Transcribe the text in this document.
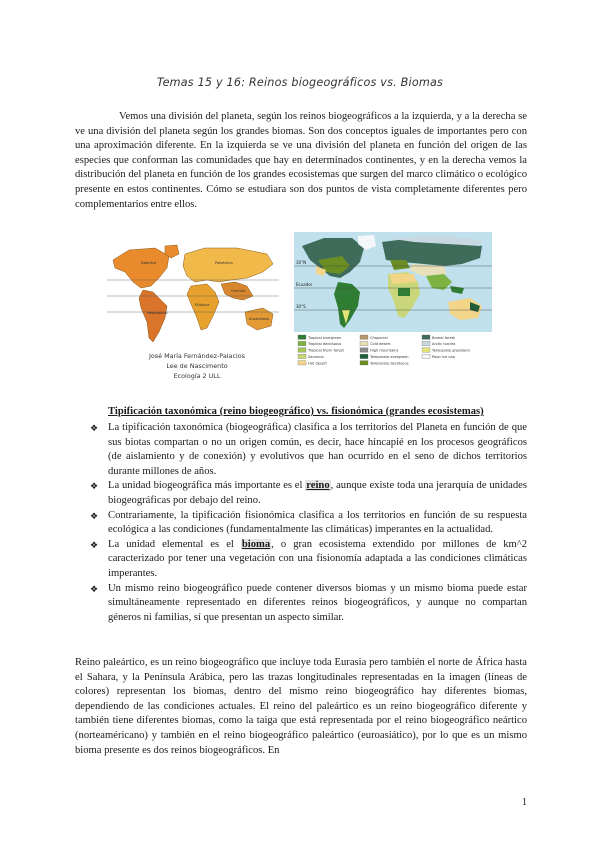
Temas 15 y 16: Reinos biogeográficos vs. Biomas

Vemos una división del planeta, según los reinos biogeográficos a la izquierda, y a la derecha se ve una división del planeta según los grandes biomas. Son dos conceptos iguales de importantes pero con una aproximación diferente. En la izquierda se ve una división del planeta en función del origen de las especies que conforman las comunidades que hay en determinados continentes, y en la derecha vemos la distribución del planeta en función de los grandes ecosistemas que surgen del marco climático o ecológico presente en estos continentes. Cómo se estudiara son dos puntos de vista completamente diferentes pero complementarios entre ellos.

Neártica	Paleártica
Neotropical
Etiópica
Oriental
Australiana
José María Fernández-Palacios
Lee de Nascimento
Ecología 2 ULL
30°N
Ecuador
30°S
Tropical evergreen
Tropical deciduous
Tropical thorn forest
Savanna
Hot desert
Chaparral
Cold desert
High mountains
Temperate evergreen
Temperate deciduous
Boreal forest
Arctic tundra
Temperate grassland
Polar ice cap
Tipificación taxonómica (reino biogeográfico) vs. fisionómica (grandes ecosistemas)
❖ La tipificación taxonómica (biogeográfica) clasifica a los territorios del Planeta en función de que sus biotas compartan o no un origen común, es decir, hace hincapié en los procesos geográficos (de aislamiento y de conexión) y evolutivos que han ocurrido en el seno de dichos territorios durante millones de años.
❖ La unidad biogeográfica más importante es el reino, aunque existe toda una jerarquía de unidades biogeográficas por debajo del reino.
❖ Contrariamente, la tipificación fisionómica clasifica a los territorios en función de su respuesta ecológica a las condiciones (fundamentalmente las climáticas) imperantes en la actualidad.
❖ La unidad elemental es el bioma, o gran ecosistema extendido por millones de km^2 caracterizado por tener una vegetación con una fisionomía adaptada a las condiciones climáticas imperantes.
❖ Un mismo reino biogeográfico puede contener diversos biomas y un mismo bioma puede estar simultáneamente representado en diferentes reinos biogeográficos, y aunque no compartan géneros ni familias, sí que presentan un aspecto similar.

Reino paleártico, es un reino biogeográfico que incluye toda Eurasia pero también el norte de África hasta el Sahara, y la Península Arábica, pero las trazas longitudinales representadas en la imagen (líneas de colores) representan los biomas, dentro del mismo reino biogeográfico hay diferentes biomas, dependiendo de las condiciones actuales. El reino del paleártico es un reino biogeográfico diferente y también tiene diferentes biomas, como la taiga que está representada por el reino biogeográfico neártico (norteaméricano) y también en el reino biogeográfico paleártico (euroasiático), por lo que es un mismo bioma presente es dos reinos biogeográficos. En

1
